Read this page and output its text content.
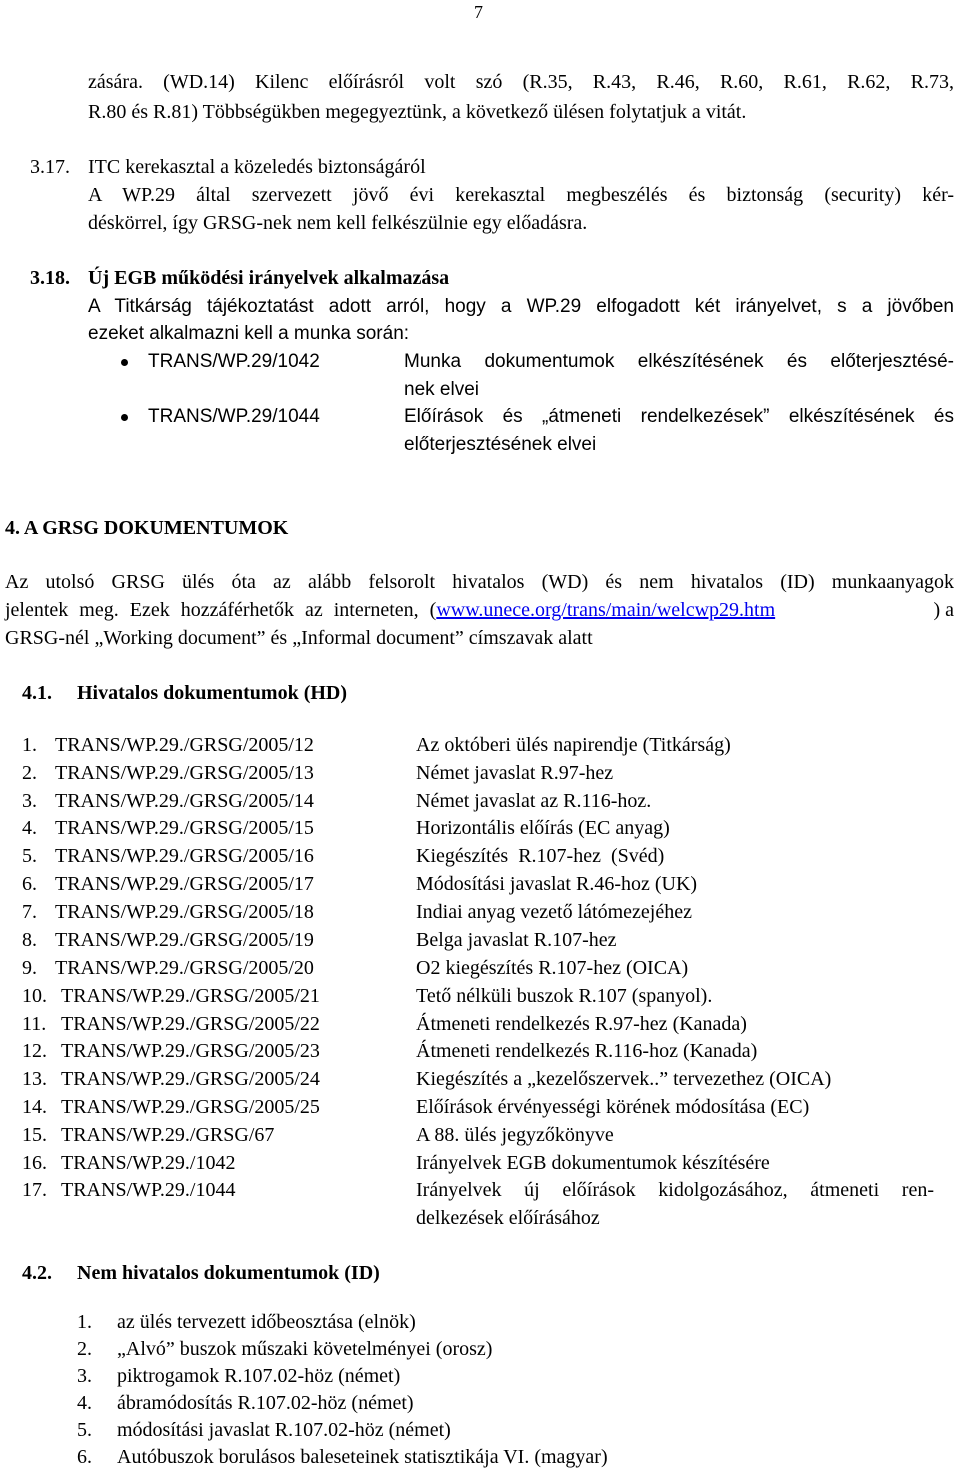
7
zására. (WD.14) Kilenc előírásról volt szó (R.35, R.43, R.46, R.60, R.61, R.62, R.73,
R.80 és R.81) Többségükben megegyeztünk, a következő ülésen folytatjuk a vitát.
3.17. ITC kerekasztal a közeledés biztonságáról
A WP.29 által szervezett jövő évi kerekasztal megbeszélés és biztonság (security) kér-
déskörrel, így GRSG-nek nem kell felkészülnie egy előadásra.
3.18. Új EGB működési irányelvek alkalmazása
A Titkárság tájékoztatást adott arról, hogy a WP.29 elfogadott két irányelvet, s a jövőben
ezeket alkalmazni kell a munka során:
TRANS/WP.29/1042	Munka dokumentumok elkészítésének és előterjesztésé-
nek elvei
TRANS/WP.29/1044	Előírások és „átmeneti rendelkezések” elkészítésének és
előterjesztésének elvei
4. A GRSG DOKUMENTUMOK
Az utolsó GRSG ülés óta az alább felsorolt hivatalos (WD) és nem hivatalos (ID) munkaanyagok
jelentek meg. Ezek hozzáférhetők az interneten, (www.unece.org/trans/main/welcwp29.htm	) a
GRSG-nél „Working document” és „Informal document” címszavak alatt
4.1. Hivatalos dokumentumok (HD)
1. TRANS/WP.29./GRSG/2005/12	Az októberi ülés napirendje (Titkárság)
2. TRANS/WP.29./GRSG/2005/13	Német javaslat R.97-hez
3. TRANS/WP.29./GRSG/2005/14	Német javaslat az R.116-hoz.
4. TRANS/WP.29./GRSG/2005/15	Horizontális előírás (EC anyag)
5. TRANS/WP.29./GRSG/2005/16	Kiegészítés  R.107-hez  (Svéd)
6. TRANS/WP.29./GRSG/2005/17	Módosítási javaslat R.46-hoz (UK)
7. TRANS/WP.29./GRSG/2005/18	Indiai anyag vezető látómezejéhez
8. TRANS/WP.29./GRSG/2005/19	Belga javaslat R.107-hez
9. TRANS/WP.29./GRSG/2005/20	O2 kiegészítés R.107-hez (OICA)
10. TRANS/WP.29./GRSG/2005/21	Tető nélküli buszok R.107 (spanyol).
11. TRANS/WP.29./GRSG/2005/22	Átmeneti rendelkezés R.97-hez (Kanada)
12. TRANS/WP.29./GRSG/2005/23	Átmeneti rendelkezés R.116-hoz (Kanada)
13. TRANS/WP.29./GRSG/2005/24	Kiegészítés a „kezelőszervek..” tervezethez (OICA)
14. TRANS/WP.29./GRSG/2005/25	Előírások érvényességi körének módosítása (EC)
15. TRANS/WP.29./GRSG/67	A 88. ülés jegyzőkönyve
16. TRANS/WP.29./1042	Irányelvek EGB dokumentumok készítésére
17. TRANS/WP.29./1044	Irányelvek új előírások kidolgozásához, átmeneti ren-
delkezések előírásához
4.2. Nem hivatalos dokumentumok (ID)
1. az ülés tervezett időbeosztása (elnök)
2. „Alvó” buszok műszaki követelményei (orosz)
3. piktrogamok R.107.02-höz (német)
4. ábramódosítás R.107.02-höz (német)
5. módosítási javaslat R.107.02-höz (német)
6. Autóbuszok borulásos baleseteinek statisztikája VI. (magyar)
